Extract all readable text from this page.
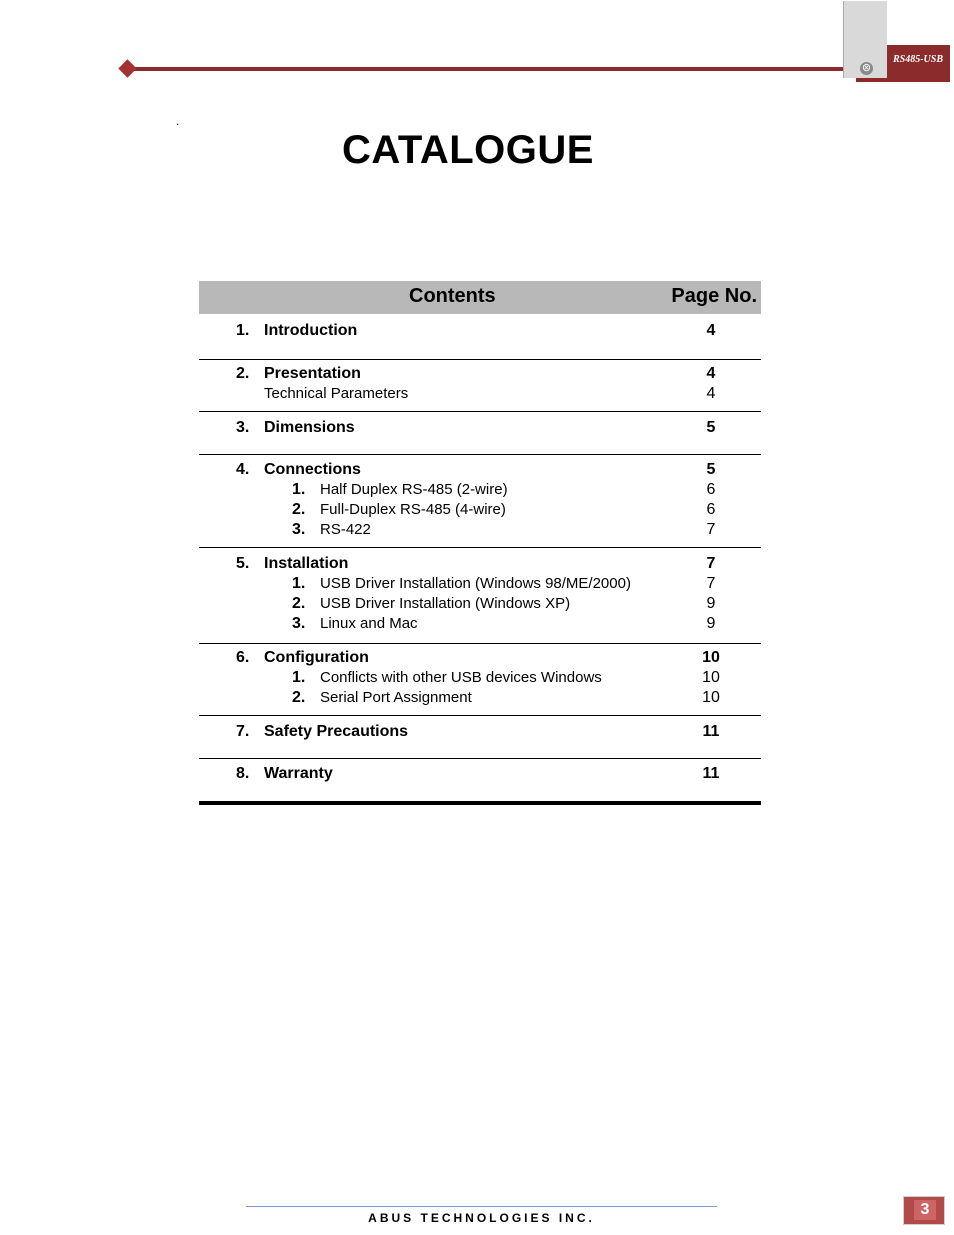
⊗
RS485-USB
.
CATALOGUE
Contents	Page No.
1. Introduction	4
2. Presentation	4
Technical Parameters	4
3. Dimensions	5
4. Connections	5
1. Half Duplex RS-485 (2-wire)	6
2. Full-Duplex RS-485 (4-wire)	6
3. RS-422	7
5. Installation	7
1. USB Driver Installation (Windows 98/ME/2000)	7
2. USB Driver Installation (Windows XP)	9
3. Linux and Mac	9
6. Configuration	10
1. Conflicts with other USB devices Windows	10
2. Serial Port Assignment	10
7. Safety Precautions	11
8. Warranty	11
ABUS TECHNOLOGIES INC.	3
